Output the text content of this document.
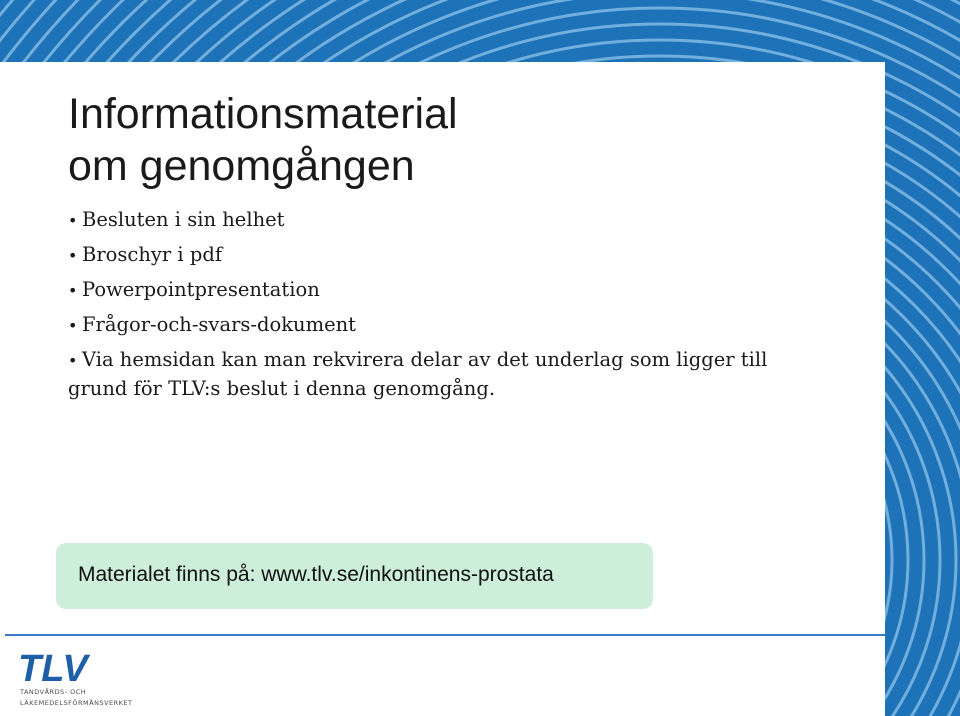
Informationsmaterial
om genomgången
• Besluten i sin helhet
• Broschyr i pdf
• Powerpointpresentation
• Frågor-och-svars-dokument
• Via hemsidan kan man rekvirera delar av det underlag som ligger till grund för TLV:s beslut i denna genomgång.
Materialet finns på: www.tlv.se/inkontinens-prostata
TLV
TANDVÅRDS- OCH
LÄKEMEDELSFÖRMÅNSVERKET
